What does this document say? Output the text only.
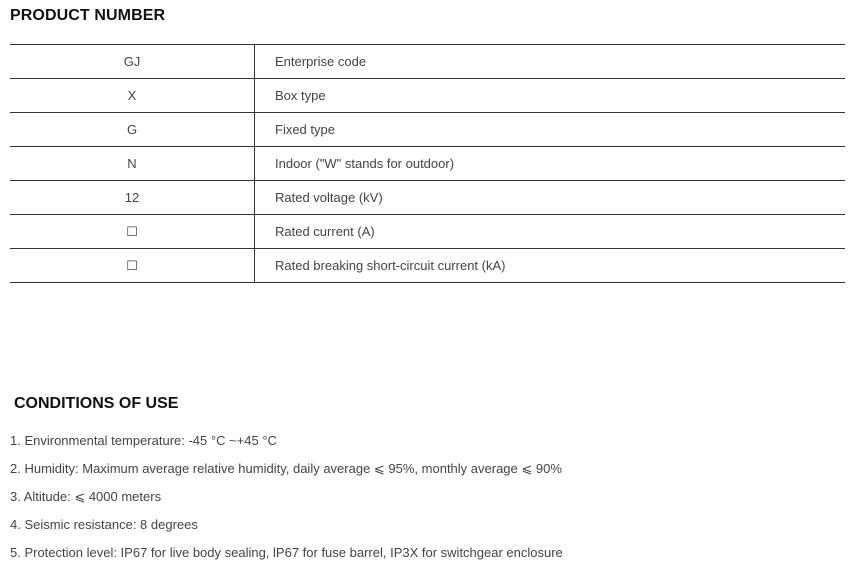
PRODUCT NUMBER
GJ	Enterprise code
X	Box type
G	Fixed type
N	Indoor ("W" stands for outdoor)
12	Rated voltage (kV)
☐	Rated current (A)
☐	Rated breaking short-circuit current (kA)
CONDITIONS OF USE
1. Environmental temperature: -45 °C ~+45 °C
2. Humidity: Maximum average relative humidity, daily average ⩽ 95%, monthly average ⩽ 90%
3. Altitude: ⩽ 4000 meters
4. Seismic resistance: 8 degrees
5. Protection level: IP67 for live body sealing, lP67 for fuse barrel, IP3X for switchgear enclosure
